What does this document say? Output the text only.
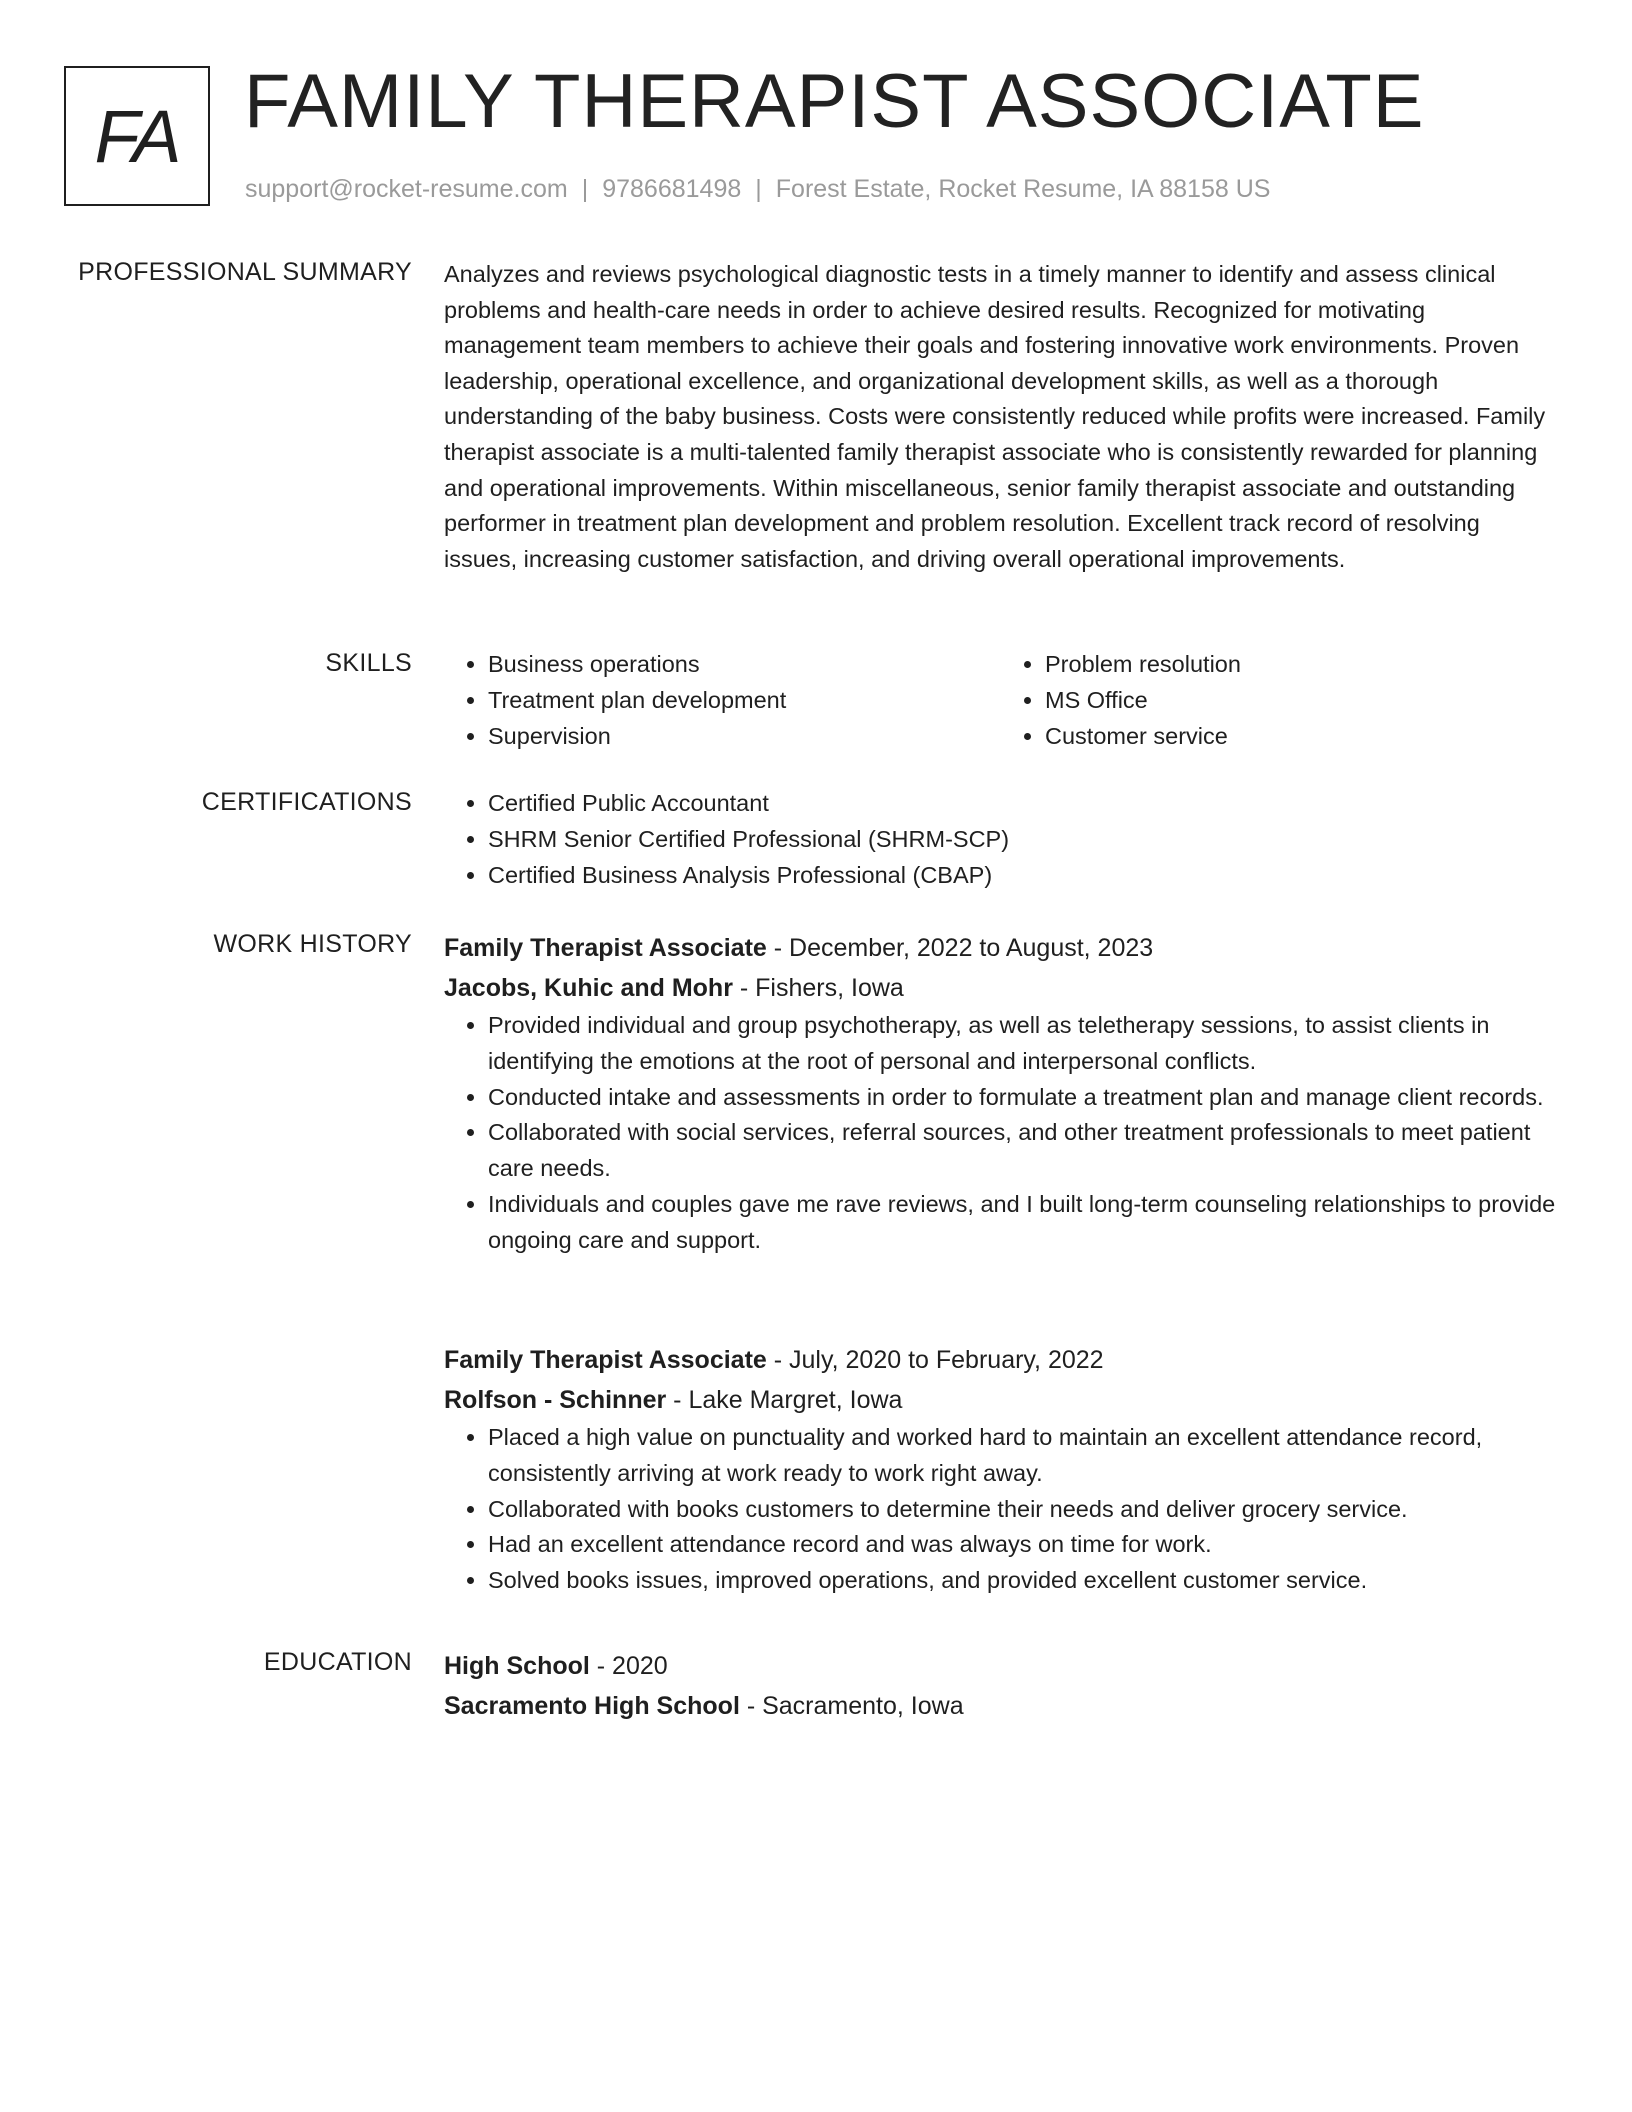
FA FAMILY THERAPIST ASSOCIATE
support@rocket-resume.com | 9786681498 | Forest Estate, Rocket Resume, IA 88158 US
PROFESSIONAL SUMMARY Analyzes and reviews psychological diagnostic tests in a timely manner to identify and assess clinical problems and health-care needs in order to achieve desired results. Recognized for motivating management team members to achieve their goals and fostering innovative work environments. Proven leadership, operational excellence, and organizational development skills, as well as a thorough understanding of the baby business. Costs were consistently reduced while profits were increased. Family therapist associate is a multi-talented family therapist associate who is consistently rewarded for planning and operational improvements. Within miscellaneous, senior family therapist associate and outstanding performer in treatment plan development and problem resolution. Excellent track record of resolving issues, increasing customer satisfaction, and driving overall operational improvements.
SKILLS	• Business operations
• Treatment plan development
• Supervision
• Problem resolution
• MS Office
• Customer service
CERTIFICATIONS	• Certified Public Accountant
• SHRM Senior Certified Professional (SHRM-SCP)
• Certified Business Analysis Professional (CBAP)
WORK HISTORY Family Therapist Associate - December, 2022 to August, 2023
Jacobs, Kuhic and Mohr - Fishers, Iowa
• Provided individual and group psychotherapy, as well as teletherapy sessions, to assist clients in identifying the emotions at the root of personal and interpersonal conflicts.
• Conducted intake and assessments in order to formulate a treatment plan and manage client records.
• Collaborated with social services, referral sources, and other treatment professionals to meet patient care needs.
• Individuals and couples gave me rave reviews, and I built long-term counseling relationships to provide ongoing care and support.
Family Therapist Associate - July, 2020 to February, 2022
Rolfson - Schinner - Lake Margret, Iowa
• Placed a high value on punctuality and worked hard to maintain an excellent attendance record, consistently arriving at work ready to work right away.
• Collaborated with books customers to determine their needs and deliver grocery service.
• Had an excellent attendance record and was always on time for work.
• Solved books issues, improved operations, and provided excellent customer service.
EDUCATION High School - 2020
Sacramento High School - Sacramento, Iowa
